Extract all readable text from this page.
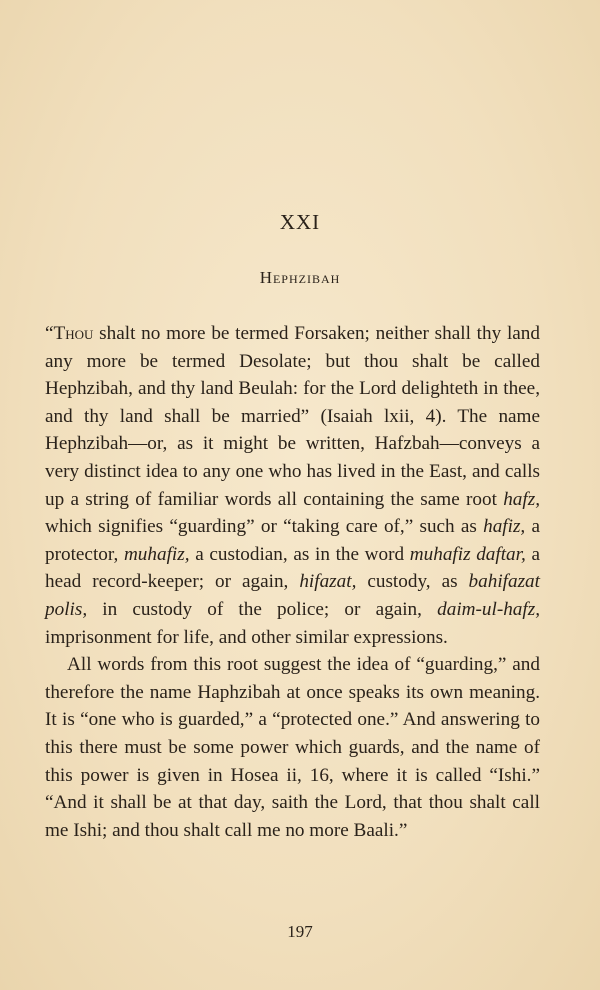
XXI
Hephzibah

“Thou shalt no more be termed Forsaken; neither shall thy land any more be termed Desolate; but thou shalt be called Hephzibah, and thy land Beulah: for the Lord delighteth in thee, and thy land shall be married” (Isaiah lxii, 4). The name Hephzibah—or, as it might be written, Hafzbah—conveys a very distinct idea to any one who has lived in the East, and calls up a string of familiar words all containing the same root hafz, which signifies “guarding” or “taking care of,” such as hafiz, a protector, muhafiz, a custodian, as in the word muhafiz daftar, a head record-keeper; or again, hifazat, custody, as bahifazat polis, in custody of the police; or again, daim-ul-hafz, imprisonment for life, and other similar expressions.

All words from this root suggest the idea of “guarding,” and therefore the name Haphzibah at once speaks its own meaning. It is “one who is guarded,” a “protected one.” And answering to this there must be some power which guards, and the name of this power is given in Hosea ii, 16, where it is called “Ishi.” “And it shall be at that day, saith the Lord, that thou shalt call me Ishi; and thou shalt call me no more Baali.”

197
